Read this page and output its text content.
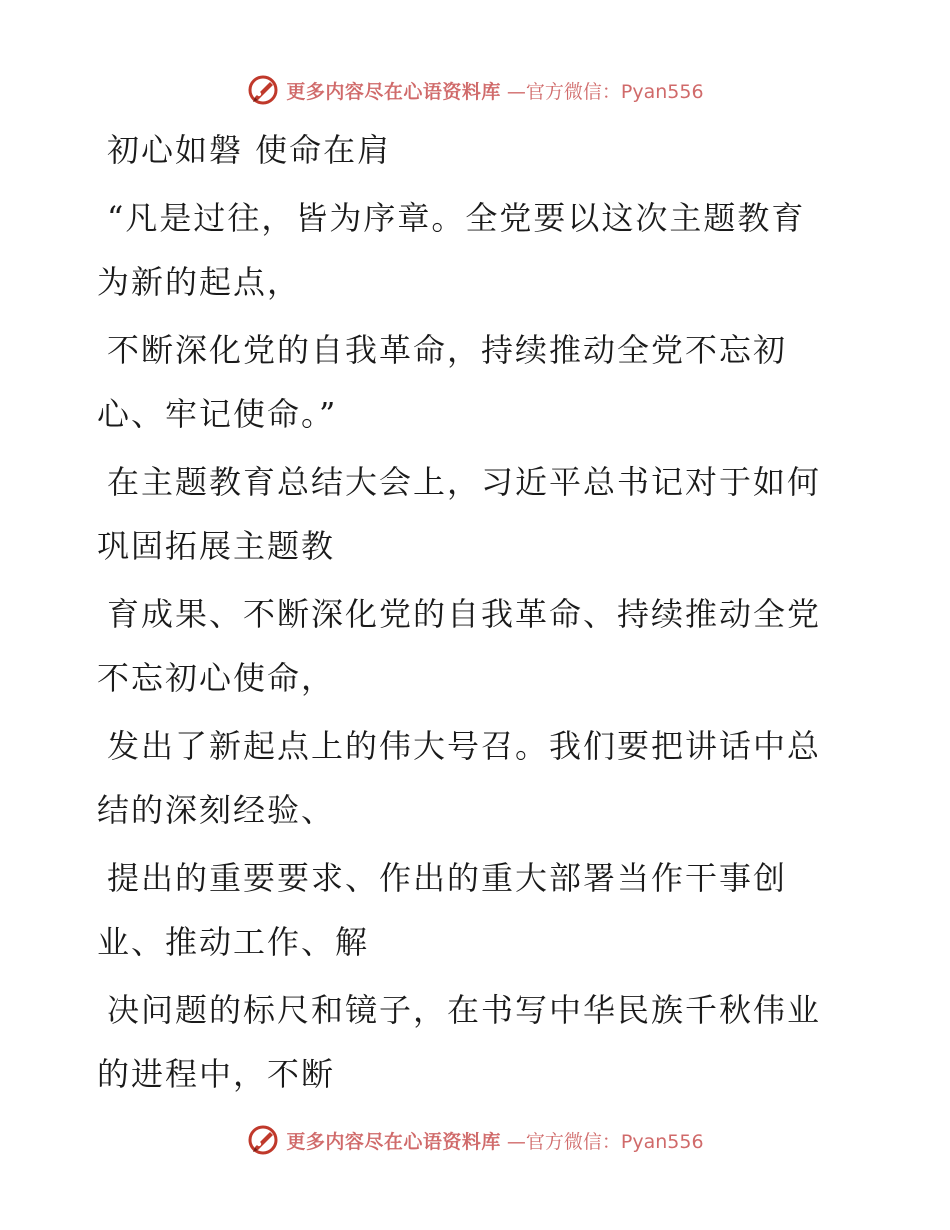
更多内容尽在心语资料库 —官方微信：Pyan556
初心如磐 使命在肩
“凡是过往，皆为序章。全党要以这次主题教育
为新的起点，
不断深化党的自我革命，持续推动全党不忘初
心、牢记使命。”
在主题教育总结大会上，习近平总书记对于如何
巩固拓展主题教
育成果、不断深化党的自我革命、持续推动全党
不忘初心使命，
发出了新起点上的伟大号召。我们要把讲话中总
结的深刻经验、
提出的重要要求、作出的重大部署当作干事创
业、推动工作、解
决问题的标尺和镜子，在书写中华民族千秋伟业
的进程中，不断
更多内容尽在心语资料库 —官方微信：Pyan556
